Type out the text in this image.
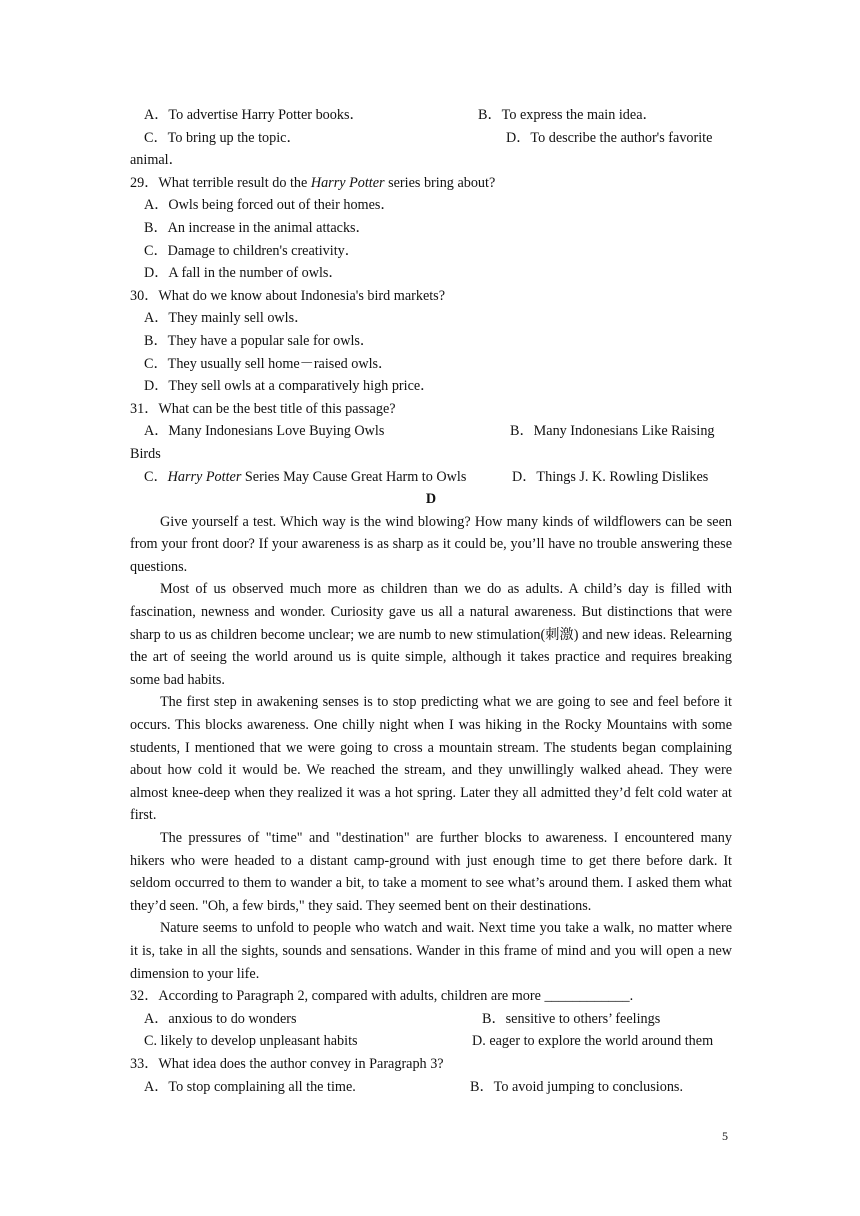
A．To advertise Harry Potter books．	B．To express the main idea．
C．To bring up the topic．	D．To describe the author's favorite
animal．
29．What terrible result do the Harry Potter series bring about?
A．Owls being forced out of their homes．
B．An increase in the animal attacks．
C．Damage to children's creativity．
D．A fall in the number of owls．
30．What do we know about Indonesia's bird markets?
A．They mainly sell owls．
B．They have a popular sale for owls．
C．They usually sell home－raised owls．
D．They sell owls at a comparatively high price．
31．What can be the best title of this passage?
A．Many Indonesians Love Buying Owls	B．Many Indonesians Like Raising
Birds
C．Harry Potter Series May Cause Great Harm to Owls	D．Things J. K. Rowling Dislikes
D

Give yourself a test. Which way is the wind blowing? How many kinds of wildflowers can be seen from your front door? If your awareness is as sharp as it could be, you’ll have no trouble answering these questions.

Most of us observed much more as children than we do as adults. A child’s day is filled with fascination, newness and wonder. Curiosity gave us all a natural awareness. But distinctions that were sharp to us as children become unclear; we are numb to new stimulation(刺激) and new ideas. Relearning the art of seeing the world around us is quite simple, although it takes practice and requires breaking some bad habits.

The first step in awakening senses is to stop predicting what we are going to see and feel before it occurs. This blocks awareness. One chilly night when I was hiking in the Rocky Mountains with some students, I mentioned that we were going to cross a mountain stream. The students began complaining about how cold it would be. We reached the stream, and they unwillingly walked ahead. They were almost knee-deep when they realized it was a hot spring. Later they all admitted they’d felt cold water at first.

The pressures of "time" and "destination" are further blocks to awareness. I encountered many hikers who were headed to a distant camp-ground with just enough time to get there before dark. It seldom occurred to them to wander a bit, to take a moment to see what’s around them. I asked them what they’d seen. "Oh, a few birds," they said. They seemed bent on their destinations.

Nature seems to unfold to people who watch and wait. Next time you take a walk, no matter where it is, take in all the sights, sounds and sensations. Wander in this frame of mind and you will open a new dimension to your life.

32．According to Paragraph 2, compared with adults, children are more ____________.
A．anxious to do wonders	B．sensitive to others’ feelings
C. likely to develop unpleasant habits	D. eager to explore the world around them
33．What idea does the author convey in Paragraph 3?
A．To stop complaining all the time.	B．To avoid jumping to conclusions.
5
